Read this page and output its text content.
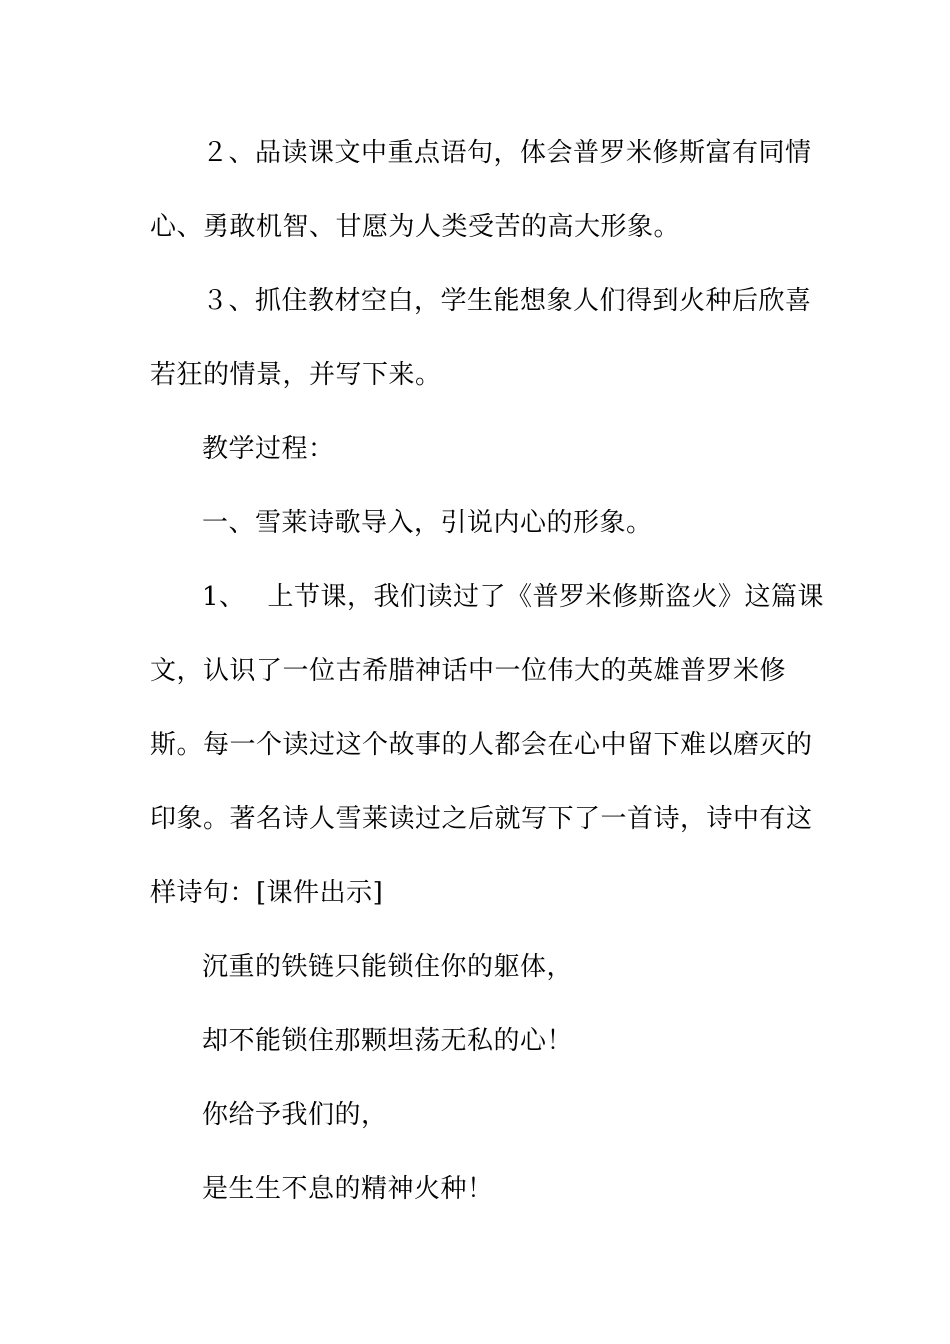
２、品读课文中重点语句，体会普罗米修斯富有同情
心、勇敢机智、甘愿为人类受苦的高大形象。
３、抓住教材空白，学生能想象人们得到火种后欣喜
若狂的情景，并写下来。
教学过程：
一、雪莱诗歌导入，引说内心的形象。
1、 上节课，我们读过了《普罗米修斯盗火》这篇课
文，认识了一位古希腊神话中一位伟大的英雄普罗米修
斯。每一个读过这个故事的人都会在心中留下难以磨灭的
印象。著名诗人雪莱读过之后就写下了一首诗，诗中有这
样诗句：[课件出示]
沉重的铁链只能锁住你的躯体，
却不能锁住那颗坦荡无私的心！
你给予我们的，
是生生不息的精神火种！
